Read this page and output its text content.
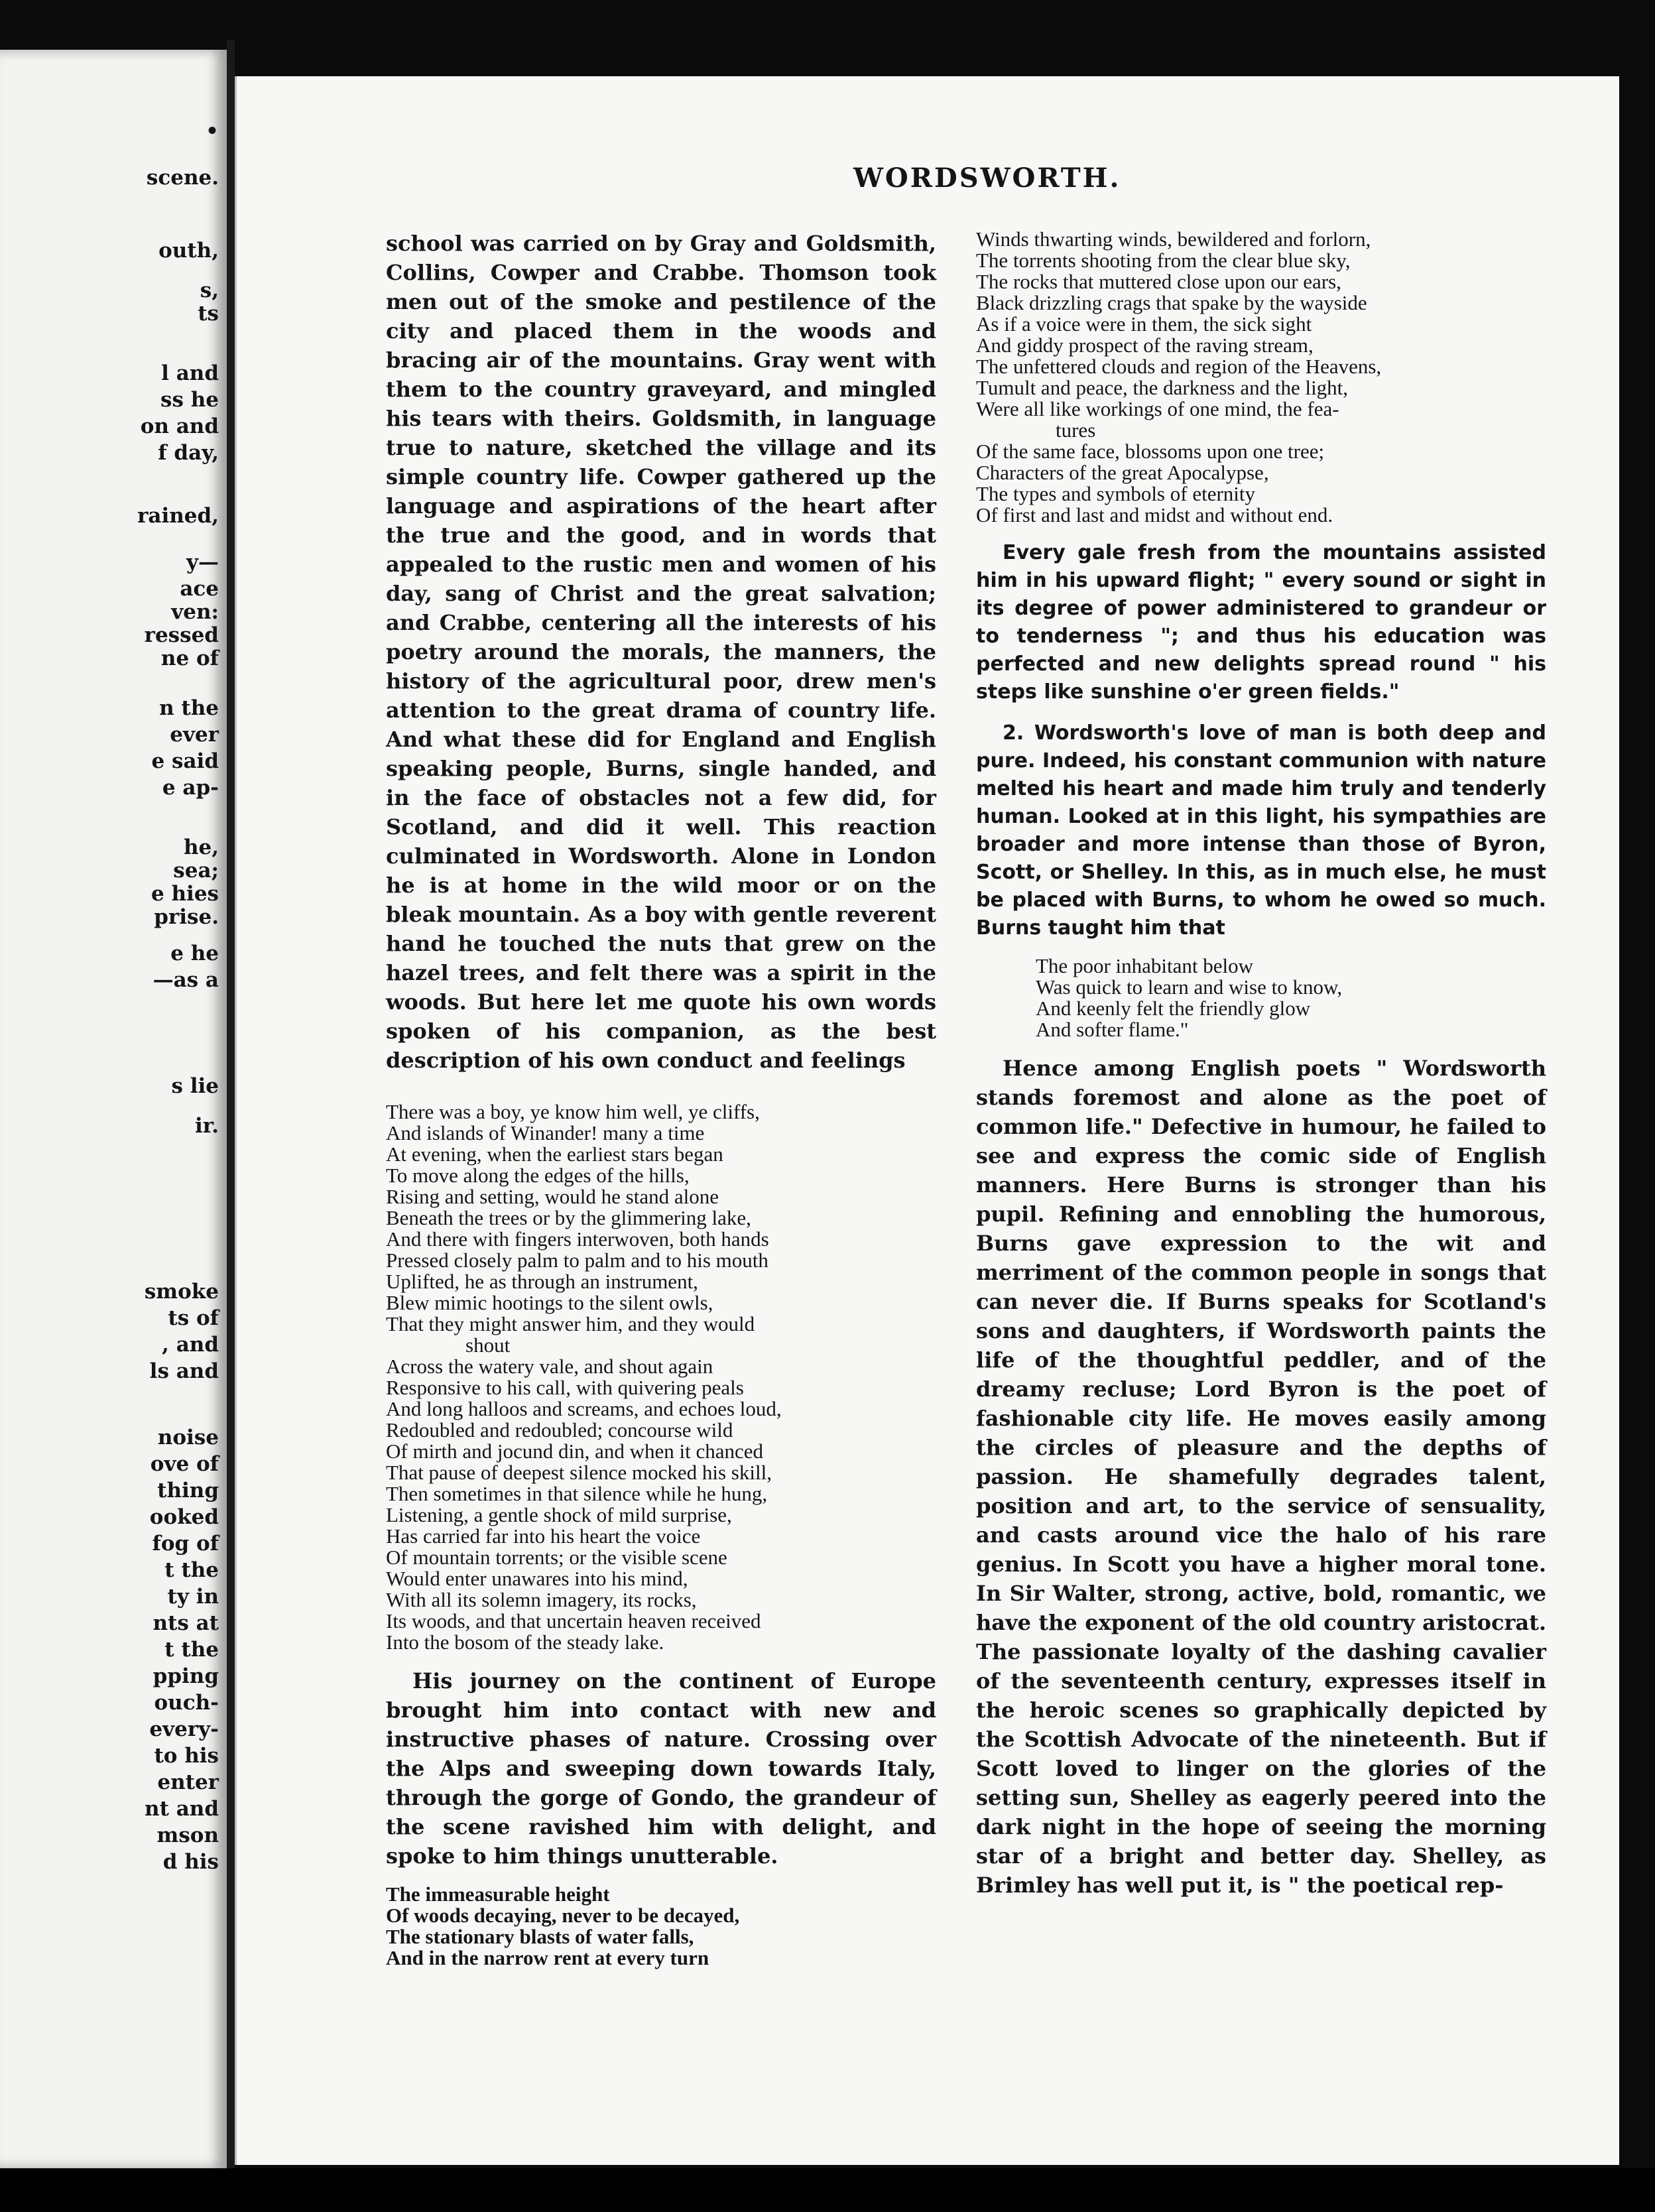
•
scene.
outh,
s,
ts
l and
ss he
on and
f day,
rained,
y—
ace
ven:
ressed
ne of
n the
ever
e said
e ap-
he,
sea;
e hies
prise.
e he
—as a
s lie
ir.
smoke
ts of
, and
ls and
noise
ove of
thing
ooked
fog of
t the
ty in
nts at
t the
pping
ouch-
every-
to his
enter
nt and
mson
d his
WORDSWORTH.

school was carried on by Gray and Goldsmith, Collins, Cowper and Crabbe. Thomson took men out of the smoke and pestilence of the city and placed them in the woods and bracing air of the mountains. Gray went with them to the country graveyard, and mingled his tears with theirs. Goldsmith, in language true to nature, sketched the village and its simple country life. Cowper gathered up the language and aspirations of the heart after the true and the good, and in words that appealed to the rustic men and women of his day, sang of Christ and the great salvation; and Crabbe, centering all the interests of his poetry around the morals, the manners, the history of the agricultural poor, drew men's attention to the great drama of country life. And what these did for England and English speaking people, Burns, single handed, and in the face of obstacles not a few did, for Scotland, and did it well. This reaction culminated in Wordsworth. Alone in London he is at home in the wild moor or on the bleak mountain. As a boy with gentle reverent hand he touched the nuts that grew on the hazel trees, and felt there was a spirit in the woods. But here let me quote his own words spoken of his companion, as the best description of his own conduct and feelings

There was a boy, ye know him well, ye cliffs,
And islands of Winander! many a time
At evening, when the earliest stars began
To move along the edges of the hills,
Rising and setting, would he stand alone
Beneath the trees or by the glimmering lake,
And there with fingers interwoven, both hands
Pressed closely palm to palm and to his mouth
Uplifted, he as through an instrument,
Blew mimic hootings to the silent owls,
That they might answer him, and they would
shout
Across the watery vale, and shout again
Responsive to his call, with quivering peals
And long halloos and screams, and echoes loud,
Redoubled and redoubled; concourse wild
Of mirth and jocund din, and when it chanced
That pause of deepest silence mocked his skill,
Then sometimes in that silence while he hung,
Listening, a gentle shock of mild surprise,
Has carried far into his heart the voice
Of mountain torrents; or the visible scene
Would enter unawares into his mind,
With all its solemn imagery, its rocks,
Its woods, and that uncertain heaven received
Into the bosom of the steady lake.

His journey on the continent of Europe brought him into contact with new and instructive phases of nature. Crossing over the Alps and sweeping down towards Italy, through the gorge of Gondo, the grandeur of the scene ravished him with delight, and spoke to him things unutterable.

The immeasurable height
Of woods decaying, never to be decayed,
The stationary blasts of water falls,
And in the narrow rent at every turn
Winds thwarting winds, bewildered and forlorn,
The torrents shooting from the clear blue sky,
The rocks that muttered close upon our ears,
Black drizzling crags that spake by the wayside
As if a voice were in them, the sick sight
And giddy prospect of the raving stream,
The unfettered clouds and region of the Heavens,
Tumult and peace, the darkness and the light,
Were all like workings of one mind, the fea-
tures
Of the same face, blossoms upon one tree;
Characters of the great Apocalypse,
The types and symbols of eternity
Of first and last and midst and without end.

Every gale fresh from the mountains assisted him in his upward flight; " every sound or sight in its degree of power administered to grandeur or to tenderness "; and thus his education was perfected and new delights spread round " his steps like sunshine o'er green fields."

2. Wordsworth's love of man is both deep and pure. Indeed, his constant communion with nature melted his heart and made him truly and tenderly human. Looked at in this light, his sympathies are broader and more intense than those of Byron, Scott, or Shelley. In this, as in much else, he must be placed with Burns, to whom he owed so much. Burns taught him that

The poor inhabitant below
Was quick to learn and wise to know,
And keenly felt the friendly glow
And softer flame."

Hence among English poets " Wordsworth stands foremost and alone as the poet of common life." Defective in humour, he failed to see and express the comic side of English manners. Here Burns is stronger than his pupil. Refining and ennobling the humorous, Burns gave expression to the wit and merriment of the common people in songs that can never die. If Burns speaks for Scotland's sons and daughters, if Wordsworth paints the life of the thoughtful peddler, and of the dreamy recluse; Lord Byron is the poet of fashionable city life. He moves easily among the circles of pleasure and the depths of passion. He shamefully degrades talent, position and art, to the service of sensuality, and casts around vice the halo of his rare genius. In Scott you have a higher moral tone. In Sir Walter, strong, active, bold, romantic, we have the exponent of the old country aristocrat. The passionate loyalty of the dashing cavalier of the seventeenth century, expresses itself in the heroic scenes so graphically depicted by the Scottish Advocate of the nineteenth. But if Scott loved to linger on the glories of the setting sun, Shelley as eagerly peered into the dark night in the hope of seeing the morning star of a bright and better day. Shelley, as Brimley has well put it, is " the poetical rep-
